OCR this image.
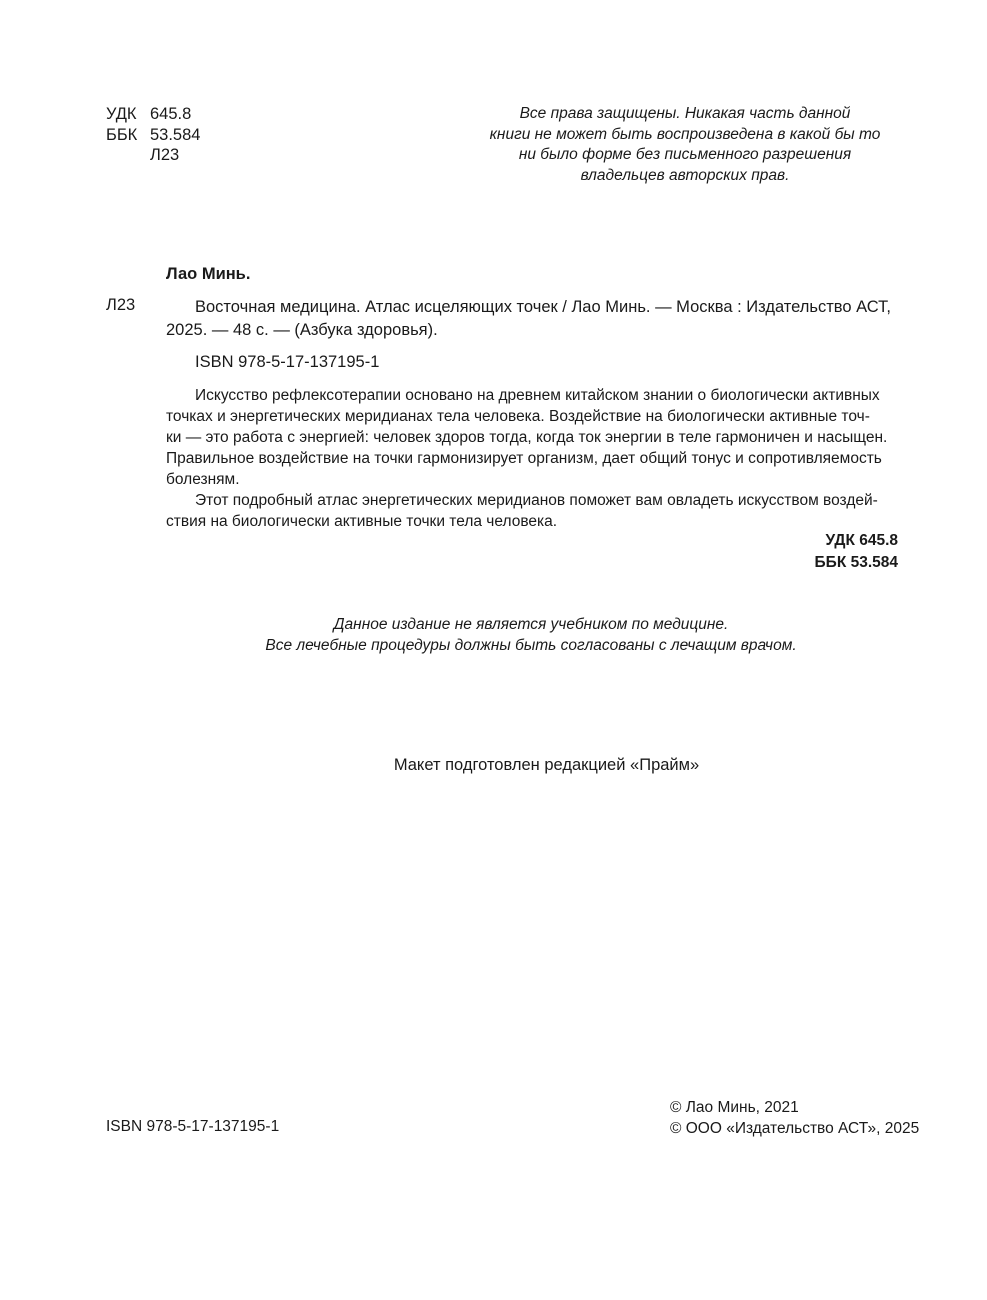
УДК 645.8
ББК 53.584
Л23
Все права защищены. Никакая часть данной
книги не может быть воспроизведена в какой бы то
ни было форме без письменного разрешения
владельцев авторских прав.
Лао Минь.
Л23	Восточная медицина. Атлас исцеляющих точек / Лао Минь. — Москва : Издательство АСТ,
2025. — 48 с. — (Азбука здоровья).
ISBN 978-5-17-137195-1
Искусство рефлексотерапии основано на древнем китайском знании о биологически активных
точках и энергетических меридианах тела человека. Воздействие на биологически активные точ-
ки — это работа с энергией: человек здоров тогда, когда ток энергии в теле гармоничен и насыщен.
Правильное воздействие на точки гармонизирует организм, дает общий тонус и сопротивляемость
болезням.
Этот подробный атлас энергетических меридианов поможет вам овладеть искусством воздей-
ствия на биологически активные точки тела человека.
УДК 645.8
ББК 53.584
Данное издание не является учебником по медицине.
Все лечебные процедуры должны быть согласованы с лечащим врачом.
Макет подготовлен редакцией «Прайм»
ISBN 978-5-17-137195-1
© Лао Минь, 2021
© ООО «Издательство АСТ», 2025
